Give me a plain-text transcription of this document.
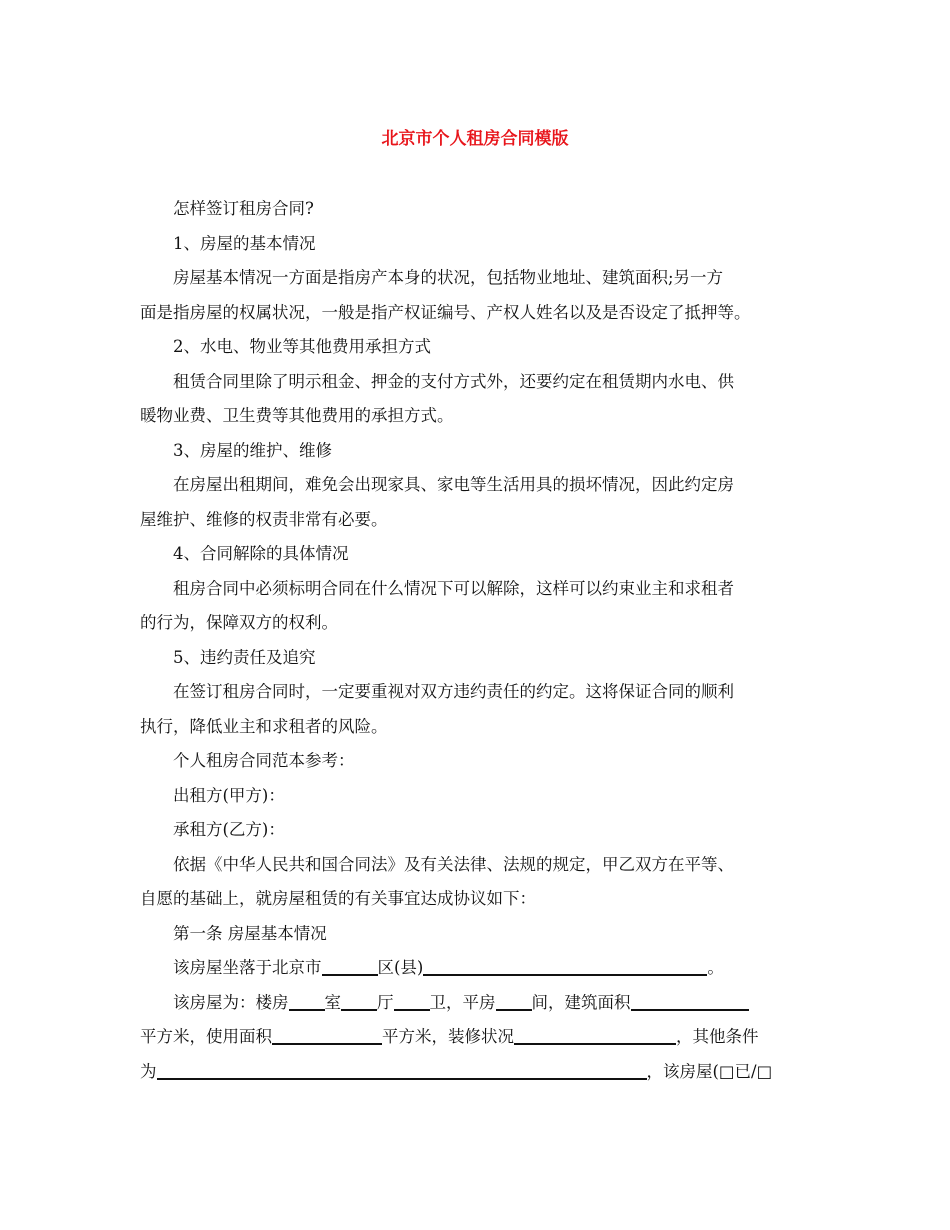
北京市个人租房合同模版

怎样签订租房合同?

1、房屋的基本情况

房屋基本情况一方面是指房产本身的状况，包括物业地址、建筑面积;另一方
面是指房屋的权属状况，一般是指产权证编号、产权人姓名以及是否设定了抵押等。

2、水电、物业等其他费用承担方式

租赁合同里除了明示租金、押金的支付方式外，还要约定在租赁期内水电、供
暖物业费、卫生费等其他费用的承担方式。

3、房屋的维护、维修

在房屋出租期间，难免会出现家具、家电等生活用具的损坏情况，因此约定房
屋维护、维修的权责非常有必要。

4、合同解除的具体情况

租房合同中必须标明合同在什么情况下可以解除，这样可以约束业主和求租者
的行为，保障双方的权利。

5、违约责任及追究

在签订租房合同时，一定要重视对双方违约责任的约定。这将保证合同的顺利
执行，降低业主和求租者的风险。

个人租房合同范本参考：

出租方(甲方)：

承租方(乙方)：

依据《中华人民共和国合同法》及有关法律、法规的规定，甲乙双方在平等、
自愿的基础上，就房屋租赁的有关事宜达成协议如下：

第一条 房屋基本情况

该房屋坐落于北京市	区(县)	。

该房屋为：楼房 室 厅 卫，平房 间，建筑面积
平方米，使用面积	平方米，装修状况	，其他条件
为	，该房屋(□已/□
